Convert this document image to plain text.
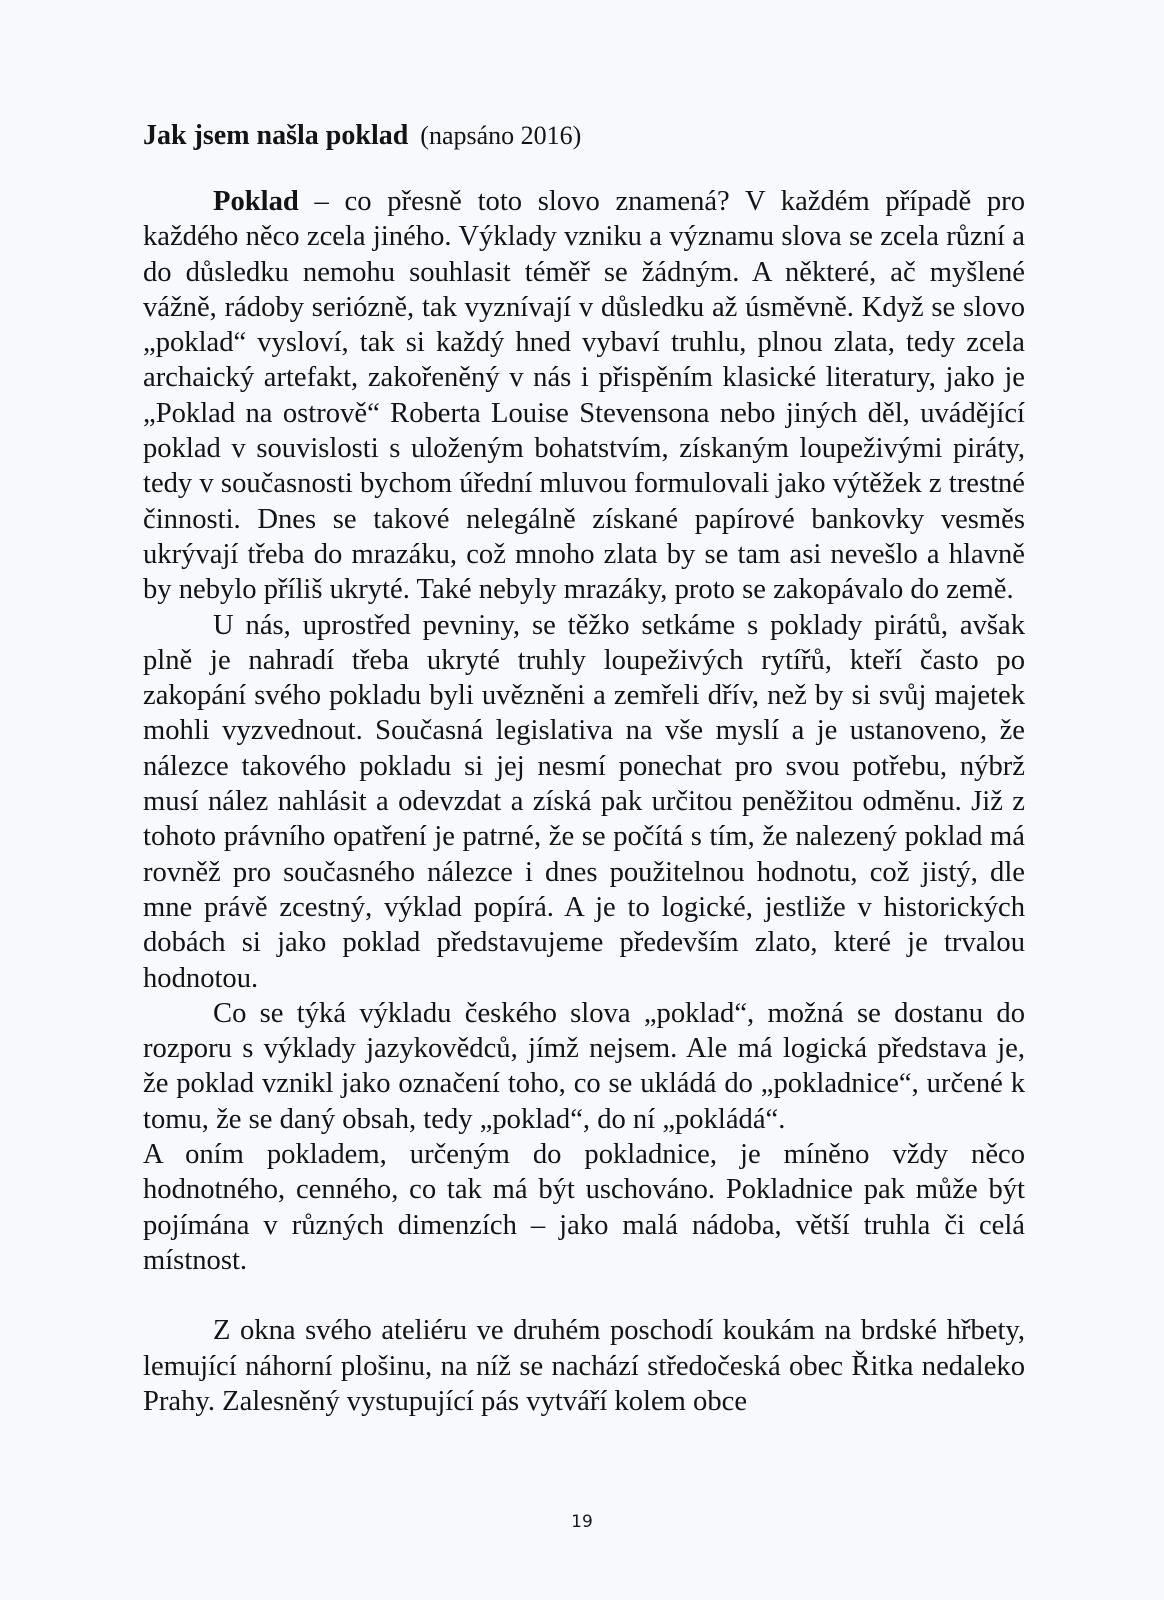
Jak jsem našla poklad (napsáno 2016)

Poklad – co přesně toto slovo znamená? V každém případě pro každého něco zcela jiného. Výklady vzniku a významu slova se zcela různí a do důsledku nemohu souhlasit téměř se žádným. A některé, ač myšlené vážně, rádoby seriózně, tak vyznívají v důsledku až úsměvně. Když se slovo „poklad“ vysloví, tak si každý hned vybaví truhlu, plnou zlata, tedy zcela archaický artefakt, zakořeněný v nás i přispěním klasické literatury, jako je „Poklad na ostrově“ Roberta Louise Stevensona nebo jiných děl, uvádějící poklad v souvislosti s uloženým bohatstvím, získaným loupeživými piráty, tedy v současnosti bychom úřední mluvou formulovali jako výtěžek z trestné činnosti. Dnes se takové nelegálně získané papírové bankovky vesměs ukrývají třeba do mrazáku, což mnoho zlata by se tam asi nevešlo a hlavně by nebylo příliš ukryté. Také nebyly mrazáky, proto se zakopávalo do země.

U nás, uprostřed pevniny, se těžko setkáme s poklady pirátů, avšak plně je nahradí třeba ukryté truhly loupeživých rytířů, kteří často po zakopání svého pokladu byli uvězněni a zemřeli dřív, než by si svůj majetek mohli vyzvednout. Současná legislativa na vše myslí a je ustanoveno, že nálezce takového pokladu si jej nesmí ponechat pro svou potřebu, nýbrž musí nález nahlásit a odevzdat a získá pak určitou peněžitou odměnu. Již z tohoto právního opatření je patrné, že se počítá s tím, že nalezený poklad má rovněž pro současného nálezce i dnes použitelnou hodnotu, což jistý, dle mne právě zcestný, výklad popírá. A je to logické, jestliže v historických dobách si jako poklad představujeme především zlato, které je trvalou hodnotou.

Co se týká výkladu českého slova „poklad“, možná se dostanu do rozporu s výklady jazykovědců, jímž nejsem. Ale má logická představa je, že poklad vznikl jako označení toho, co se ukládá do „pokladnice“, určené k tomu, že se daný obsah, tedy „poklad“, do ní „pokládá“.

A oním pokladem, určeným do pokladnice, je míněno vždy něco hodnotného, cenného, co tak má být uschováno. Pokladnice pak může být pojímána v různých dimenzích – jako malá nádoba, větší truhla či celá místnost.

Z okna svého ateliéru ve druhém poschodí koukám na brdské hřbety, lemující náhorní plošinu, na níž se nachází středočeská obec Řitka nedaleko Prahy. Zalesněný vystupující pás vytváří kolem obce

19
